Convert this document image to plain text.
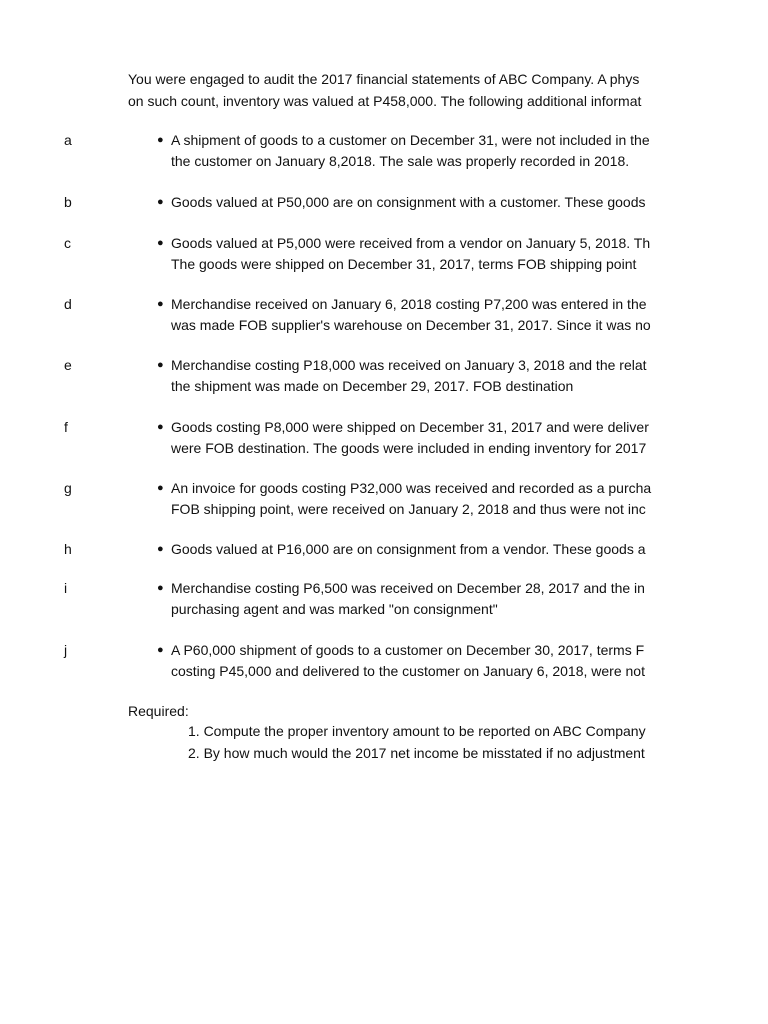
You were engaged to audit the 2017 financial statements of ABC Company. A phys
on such count, inventory was valued at P458,000. The following additional informat
a	● A shipment of goods to a customer on December 31, were not included in the
the customer on January 8,2018. The sale was properly recorded in 2018.
b	● Goods valued at P50,000 are on consignment with a customer. These goods
c	● Goods valued at P5,000 were received from a vendor on January 5, 2018. Th
The goods were shipped on December 31, 2017, terms FOB shipping point
d	● Merchandise received on January 6, 2018 costing P7,200 was entered in the
was made FOB supplier's warehouse on December 31, 2017. Since it was no
e	● Merchandise costing P18,000 was received on January 3, 2018 and the relat
the shipment was made on December 29, 2017. FOB destination
f	● Goods costing P8,000 were shipped on December 31, 2017 and were deliver
were FOB destination. The goods were included in ending inventory for 2017
g	● An invoice for goods costing P32,000 was received and recorded as a purcha
FOB shipping point, were received on January 2, 2018 and thus were not inc
h	● Goods valued at P16,000 are on consignment from a vendor. These goods a
i	● Merchandise costing P6,500 was received on December 28, 2017 and the in
purchasing agent and was marked "on consignment"
j	● A P60,000 shipment of goods to a customer on December 30, 2017, terms F
costing P45,000 and delivered to the customer on January 6, 2018, were not
Required:
1. Compute the proper inventory amount to be reported on ABC Company
2. By how much would the 2017 net income be misstated if no adjustment
